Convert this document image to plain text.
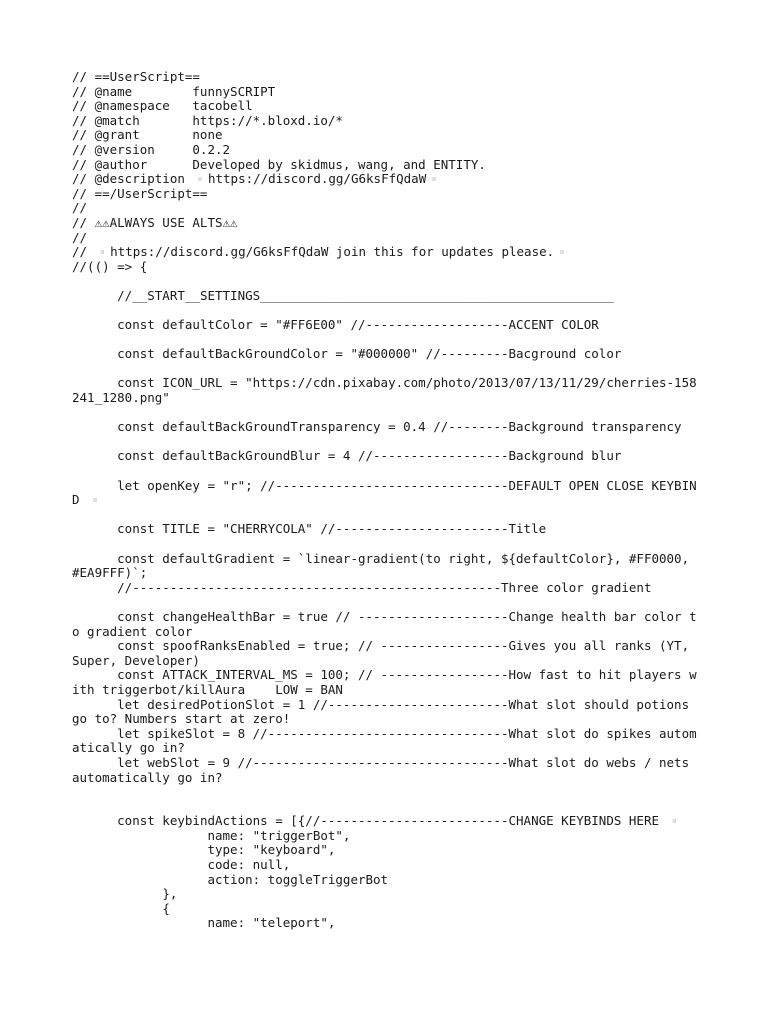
// ==UserScript==

// @name        funnySCRIPT

// @namespace   tacobell

// @match       https://*.bloxd.io/*

// @grant       none

// @version     0.2.2

// @author      Developed by skidmus, wang, and ENTITY.

// @description ▫️https://discord.gg/G6ksFfQdaW▫️

// ==/UserScript==

//

// ⚠⚠ALWAYS USE ALTS⚠⚠

//

// ▫️https://discord.gg/G6ksFfQdaW join this for updates please.▫️

//(() => {

//__START__SETTINGS_______________________________________________

const defaultColor = "#FF6E00" //-------------------ACCENT COLOR

const defaultBackGroundColor = "#000000" //---------Bacground color

const ICON_URL = "https://cdn.pixabay.com/photo/2013/07/13/11/29/cherries-158241_1280.png"

const defaultBackGroundTransparency = 0.4 //--------Background transparency

const defaultBackGroundBlur = 4 //------------------Background blur

let openKey = "r"; //-------------------------------DEFAULT OPEN CLOSE KEYBIND ▫️

const TITLE = "CHERRYCOLA" //-----------------------Title

const defaultGradient = `linear-gradient(to right, ${defaultColor}, #FF0000, #EA9FFF)`;

//-------------------------------------------------Three color gradient

const changeHealthBar = true // --------------------Change health bar color to gradient color

const spoofRanksEnabled = true; // -----------------Gives you all ranks (YT, Super, Developer)

const ATTACK_INTERVAL_MS = 100; // -----------------How fast to hit players with triggerbot/killAura    LOW = BAN

let desiredPotionSlot = 1 //------------------------What slot should potions go to? Numbers start at zero!

let spikeSlot = 8 //--------------------------------What slot do spikes automatically go in?

let webSlot = 9 //----------------------------------What slot do webs / nets automatically go in?

const keybindActions = [{//-------------------------CHANGE KEYBINDS HERE ▫️

name: "triggerBot",

type: "keyboard",

code: null,

action: toggleTriggerBot

},

{

name: "teleport",
